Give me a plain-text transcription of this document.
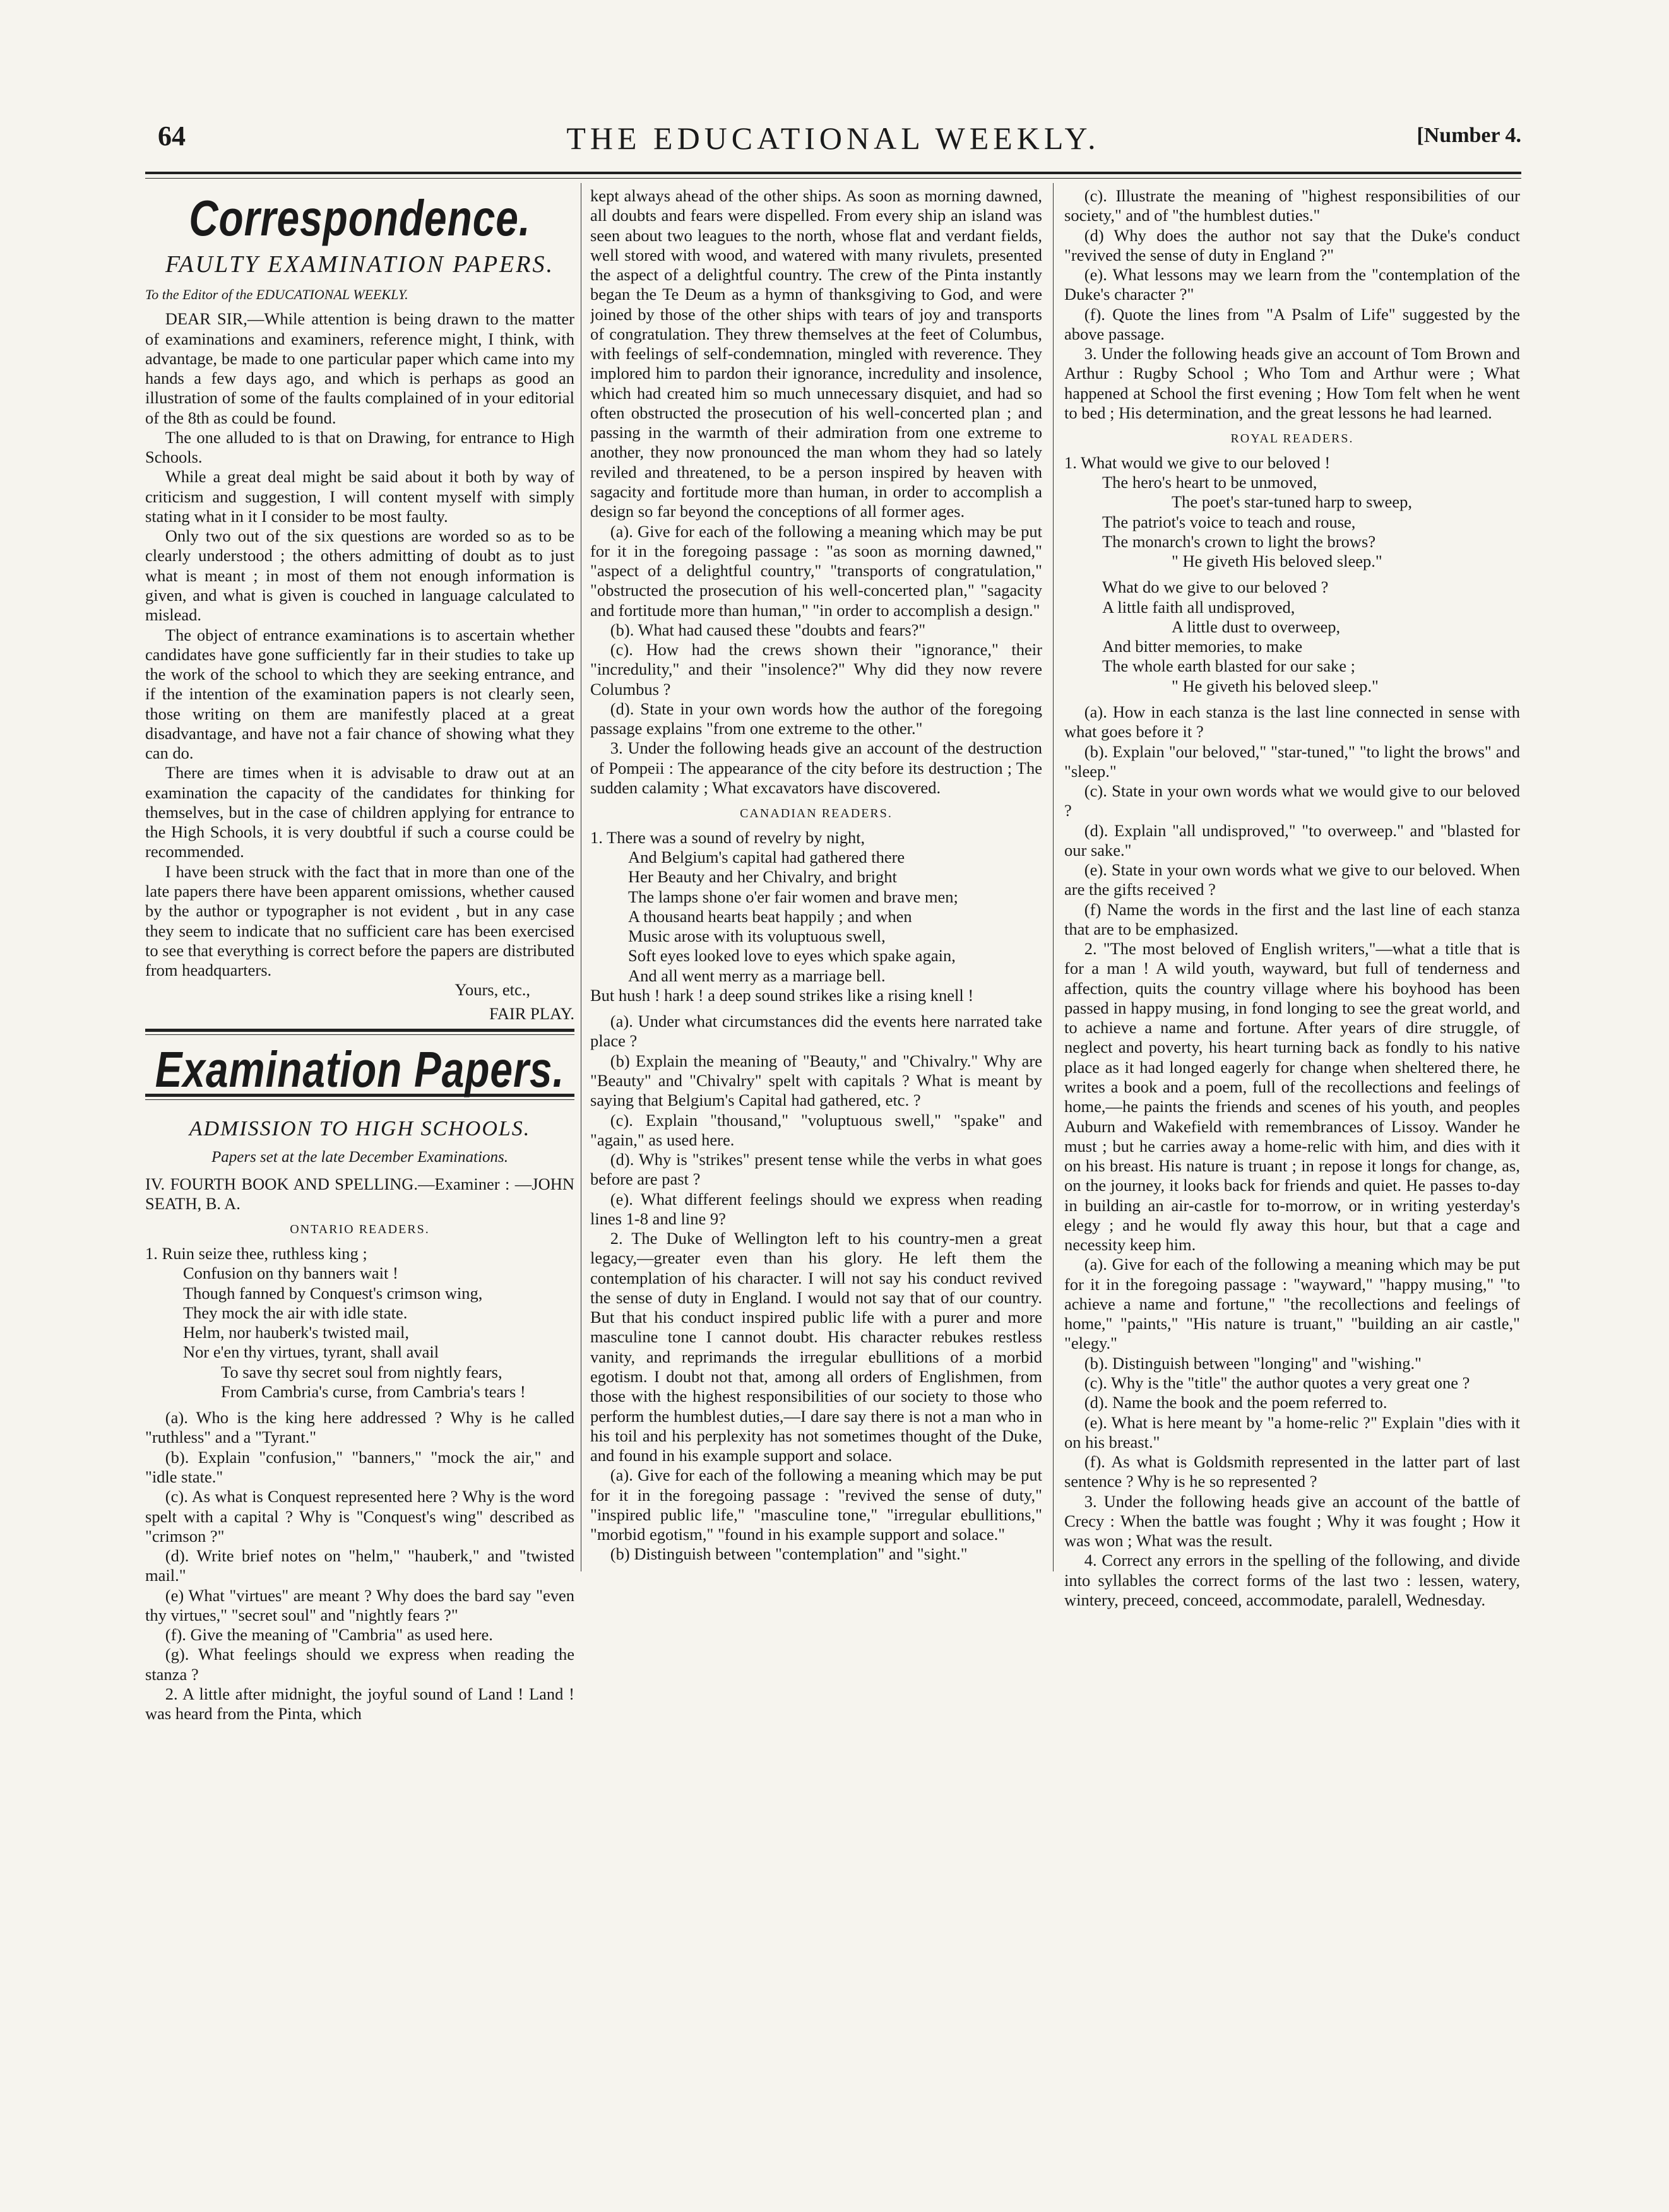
64	THE EDUCATIONAL WEEKLY.	[Number 4.
Correspondence.
FAULTY EXAMINATION PAPERS.
To the Editor of the EDUCATIONAL WEEKLY.

DEAR SIR,—While attention is being drawn to the matter of examinations and examiners, reference might, I think, with advantage, be made to one particular paper which came into my hands a few days ago, and which is perhaps as good an illustration of some of the faults complained of in your editorial of the 8th as could be found.

The one alluded to is that on Drawing, for entrance to High Schools.

While a great deal might be said about it both by way of criticism and suggestion, I will content myself with simply stating what in it I consider to be most faulty.

Only two out of the six questions are worded so as to be clearly understood ; the others admitting of doubt as to just what is meant ; in most of them not enough information is given, and what is given is couched in language calculated to mislead.

The object of entrance examinations is to ascertain whether candidates have gone sufficiently far in their studies to take up the work of the school to which they are seeking entrance, and if the intention of the examination papers is not clearly seen, those writing on them are manifestly placed at a great disadvantage, and have not a fair chance of showing what they can do.

There are times when it is advisable to draw out at an examination the capacity of the candidates for thinking for themselves, but in the case of children applying for entrance to the High Schools, it is very doubtful if such a course could be recommended.

I have been struck with the fact that in more than one of the late papers there have been apparent omissions, whether caused by the author or typographer is not evident , but in any case they seem to indicate that no sufficient care has been exercised to see that everything is correct before the papers are distributed from headquarters.

Yours, etc.,
FAIR PLAY.
Examination Papers.
ADMISSION TO HIGH SCHOOLS.
Papers set at the late December Examinations.

IV. FOURTH BOOK AND SPELLING.—Examiner : —JOHN SEATH, B. A.

ONTARIO READERS.
1. Ruin seize thee, ruthless king ;
Confusion on thy banners wait !
Though fanned by Conquest's crimson wing,
They mock the air with idle state.
Helm, nor hauberk's twisted mail,
Nor e'en thy virtues, tyrant, shall avail
To save thy secret soul from nightly fears,
From Cambria's curse, from Cambria's tears !

(a). Who is the king here addressed ? Why is he called "ruthless" and a "Tyrant."

(b). Explain "confusion," "banners," "mock the air," and "idle state."

(c). As what is Conquest represented here ? Why is the word spelt with a capital ? Why is "Conquest's wing" described as "crimson ?"

(d). Write brief notes on "helm," "hauberk," and "twisted mail."

(e) What "virtues" are meant ? Why does the bard say "even thy virtues," "secret soul" and "nightly fears ?"

(f). Give the meaning of "Cambria" as used here.

(g). What feelings should we express when reading the stanza ?

2. A little after midnight, the joyful sound of Land ! Land ! was heard from the Pinta, which

kept always ahead of the other ships. As soon as morning dawned, all doubts and fears were dispelled. From every ship an island was seen about two leagues to the north, whose flat and verdant fields, well stored with wood, and watered with many rivulets, presented the aspect of a delightful country. The crew of the Pinta instantly began the Te Deum as a hymn of thanksgiving to God, and were joined by those of the other ships with tears of joy and transports of congratulation. They threw themselves at the feet of Columbus, with feelings of self-condemnation, mingled with reverence. They implored him to pardon their ignorance, incredulity and insolence, which had created him so much unnecessary disquiet, and had so often obstructed the prosecution of his well-concerted plan ; and passing in the warmth of their admiration from one extreme to another, they now pronounced the man whom they had so lately reviled and threatened, to be a person inspired by heaven with sagacity and fortitude more than human, in order to accomplish a design so far beyond the conceptions of all former ages.

(a). Give for each of the following a meaning which may be put for it in the foregoing passage : "as soon as morning dawned," "aspect of a delightful country," "transports of congratulation," "obstructed the prosecution of his well-concerted plan," "sagacity and fortitude more than human," "in order to accomplish a design."

(b). What had caused these "doubts and fears?"

(c). How had the crews shown their "ignorance," their "incredulity," and their "insolence?" Why did they now revere Columbus ?

(d). State in your own words how the author of the foregoing passage explains "from one extreme to the other."

3. Under the following heads give an account of the destruction of Pompeii : The appearance of the city before its destruction ; The sudden calamity ; What excavators have discovered.

CANADIAN READERS.
1. There was a sound of revelry by night,
And Belgium's capital had gathered there
Her Beauty and her Chivalry, and bright
The lamps shone o'er fair women and brave men;
A thousand hearts beat happily ; and when
Music arose with its voluptuous swell,
Soft eyes looked love to eyes which spake again,
And all went merry as a marriage bell.
But hush ! hark ! a deep sound strikes like a rising knell !

(a). Under what circumstances did the events here narrated take place ?

(b) Explain the meaning of "Beauty," and "Chivalry." Why are "Beauty" and "Chivalry" spelt with capitals ? What is meant by saying that Belgium's Capital had gathered, etc. ?

(c). Explain "thousand," "voluptuous swell," "spake" and "again," as used here.

(d). Why is "strikes" present tense while the verbs in what goes before are past ?

(e). What different feelings should we express when reading lines 1-8 and line 9?

2. The Duke of Wellington left to his country-men a great legacy,—greater even than his glory. He left them the contemplation of his character. I will not say his conduct revived the sense of duty in England. I would not say that of our country. But that his conduct inspired public life with a purer and more masculine tone I cannot doubt. His character rebukes restless vanity, and reprimands the irregular ebullitions of a morbid egotism. I doubt not that, among all orders of Englishmen, from those with the highest responsibilities of our society to those who perform the humblest duties,—I dare say there is not a man who in his toil and his perplexity has not sometimes thought of the Duke, and found in his example support and solace.

(a). Give for each of the following a meaning which may be put for it in the foregoing passage : "revived the sense of duty," "inspired public life," "masculine tone," "irregular ebullitions," "morbid egotism," "found in his example support and solace."

(b) Distinguish between "contemplation" and "sight."

(c). Illustrate the meaning of "highest responsibilities of our society," and of "the humblest duties."

(d) Why does the author not say that the Duke's conduct "revived the sense of duty in England ?"

(e). What lessons may we learn from the "contemplation of the Duke's character ?"

(f). Quote the lines from "A Psalm of Life" suggested by the above passage.

3. Under the following heads give an account of Tom Brown and Arthur : Rugby School ; Who Tom and Arthur were ; What happened at School the first evening ; How Tom felt when he went to bed ; His determination, and the great lessons he had learned.

ROYAL READERS.
1. What would we give to our beloved !
The hero's heart to be unmoved,
The poet's star-tuned harp to sweep,
The patriot's voice to teach and rouse,
The monarch's crown to light the brows?
" He giveth His beloved sleep."
What do we give to our beloved ?
A little faith all undisproved,
A little dust to overweep,
And bitter memories, to make
The whole earth blasted for our sake ;
" He giveth his beloved sleep."

(a). How in each stanza is the last line connected in sense with what goes before it ?

(b). Explain "our beloved," "star-tuned," "to light the brows" and "sleep."

(c). State in your own words what we would give to our beloved ?

(d). Explain "all undisproved," "to overweep." and "blasted for our sake."

(e). State in your own words what we give to our beloved. When are the gifts received ?

(f) Name the words in the first and the last line of each stanza that are to be emphasized.

2. "The most beloved of English writers,"—what a title that is for a man ! A wild youth, wayward, but full of tenderness and affection, quits the country village where his boyhood has been passed in happy musing, in fond longing to see the great world, and to achieve a name and fortune. After years of dire struggle, of neglect and poverty, his heart turning back as fondly to his native place as it had longed eagerly for change when sheltered there, he writes a book and a poem, full of the recollections and feelings of home,—he paints the friends and scenes of his youth, and peoples Auburn and Wakefield with remembrances of Lissoy. Wander he must ; but he carries away a home-relic with him, and dies with it on his breast. His nature is truant ; in repose it longs for change, as, on the journey, it looks back for friends and quiet. He passes to-day in building an air-castle for to-morrow, or in writing yesterday's elegy ; and he would fly away this hour, but that a cage and necessity keep him.

(a). Give for each of the following a meaning which may be put for it in the foregoing passage : "wayward," "happy musing," "to achieve a name and fortune," "the recollections and feelings of home," "paints," "His nature is truant," "building an air castle," "elegy."

(b). Distinguish between "longing" and "wishing."

(c). Why is the "title" the author quotes a very great one ?

(d). Name the book and the poem referred to.

(e). What is here meant by "a home-relic ?" Explain "dies with it on his breast."

(f). As what is Goldsmith represented in the latter part of last sentence ? Why is he so represented ?

3. Under the following heads give an account of the battle of Crecy : When the battle was fought ; Why it was fought ; How it was won ; What was the result.

4. Correct any errors in the spelling of the following, and divide into syllables the correct forms of the last two : lessen, watery, wintery, preceed, conceed, accommodate, paralell, Wednesday.
